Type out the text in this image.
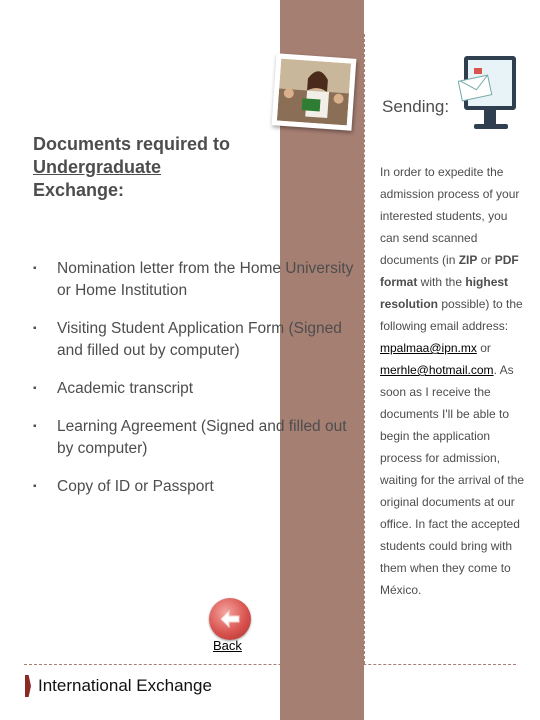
Sending:
Documents required to
Undergraduate
Exchange:
▪ Nomination letter from the Home University or Home Institution
▪ Visiting Student Application Form (Signed and filled out by computer)
▪ Academic transcript
▪ Learning Agreement (Signed and filled out by computer)
▪ Copy of ID or Passport
In order to expedite the admission process of your interested students, you can send scanned documents (in ZIP or PDF format with the highest resolution possible) to the following email address: mpalmaa@ipn.mx or merhle@hotmail.com. As soon as I receive the documents I'll be able to begin the application process for admission, waiting for the arrival of the original documents at our office. In fact the accepted students could bring with them when they come to México.
Back
International Exchange
